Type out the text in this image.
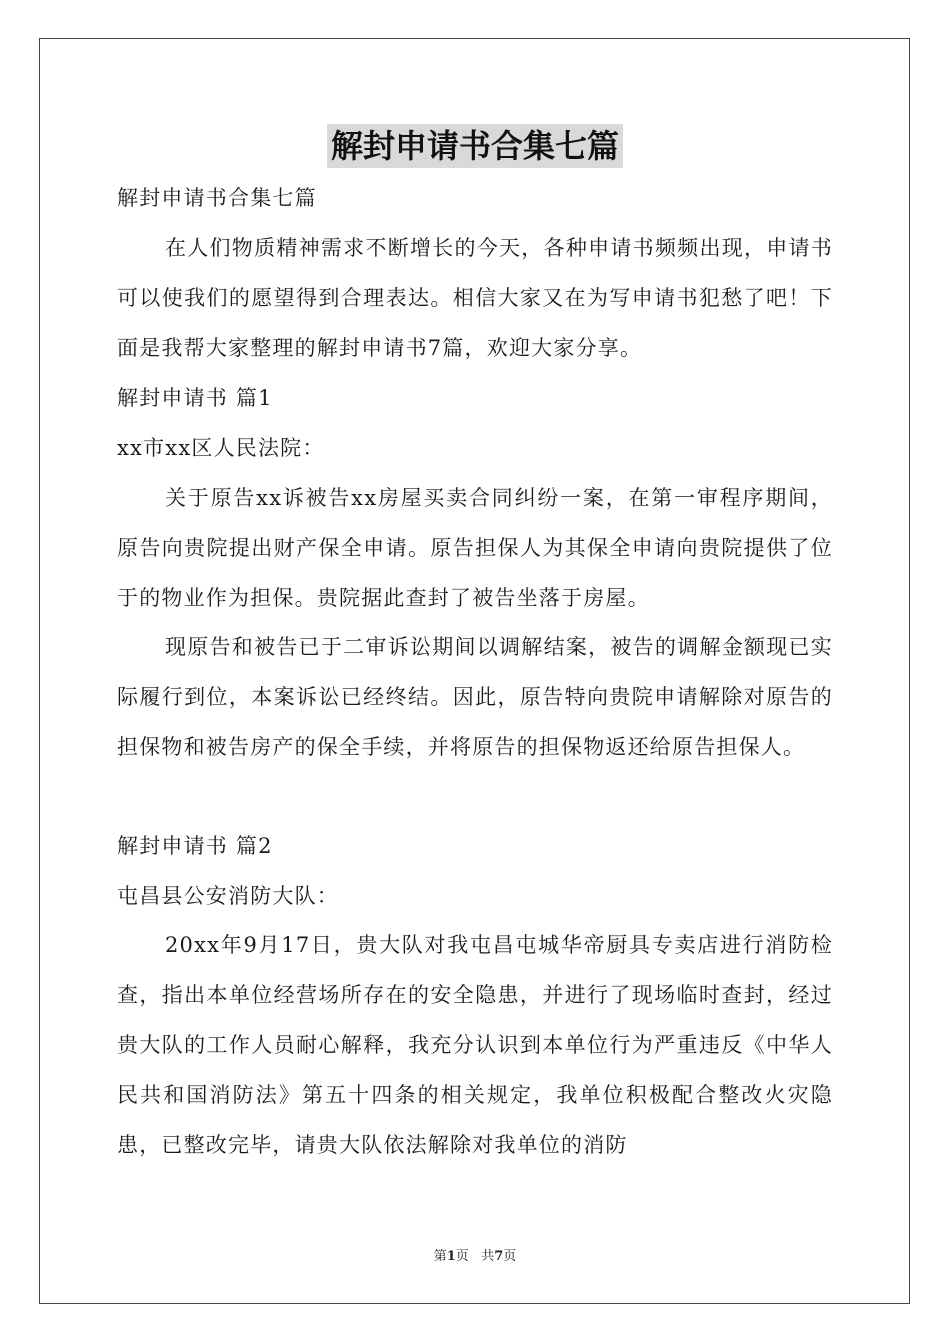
解封申请书合集七篇

解封申请书合集七篇

在人们物质精神需求不断增长的今天，各种申请书频频出现，申请书可以使我们的愿望得到合理表达。相信大家又在为写申请书犯愁了吧！下面是我帮大家整理的解封申请书7篇，欢迎大家分享。

解封申请书 篇1

xx市xx区人民法院：

关于原告xx诉被告xx房屋买卖合同纠纷一案，在第一审程序期间，原告向贵院提出财产保全申请。原告担保人为其保全申请向贵院提供了位于的物业作为担保。贵院据此查封了被告坐落于房屋。

现原告和被告已于二审诉讼期间以调解结案，被告的调解金额现已实际履行到位，本案诉讼已经终结。因此，原告特向贵院申请解除对原告的担保物和被告房产的保全手续，并将原告的担保物返还给原告担保人。

解封申请书 篇2

屯昌县公安消防大队：

20xx年9月17日，贵大队对我屯昌屯城华帝厨具专卖店进行消防检查，指出本单位经营场所存在的安全隐患，并进行了现场临时查封，经过贵大队的工作人员耐心解释，我充分认识到本单位行为严重违反《中华人民共和国消防法》第五十四条的相关规定，我单位积极配合整改火灾隐患，已整改完毕，请贵大队依法解除对我单位的消防

第1页   共7页
